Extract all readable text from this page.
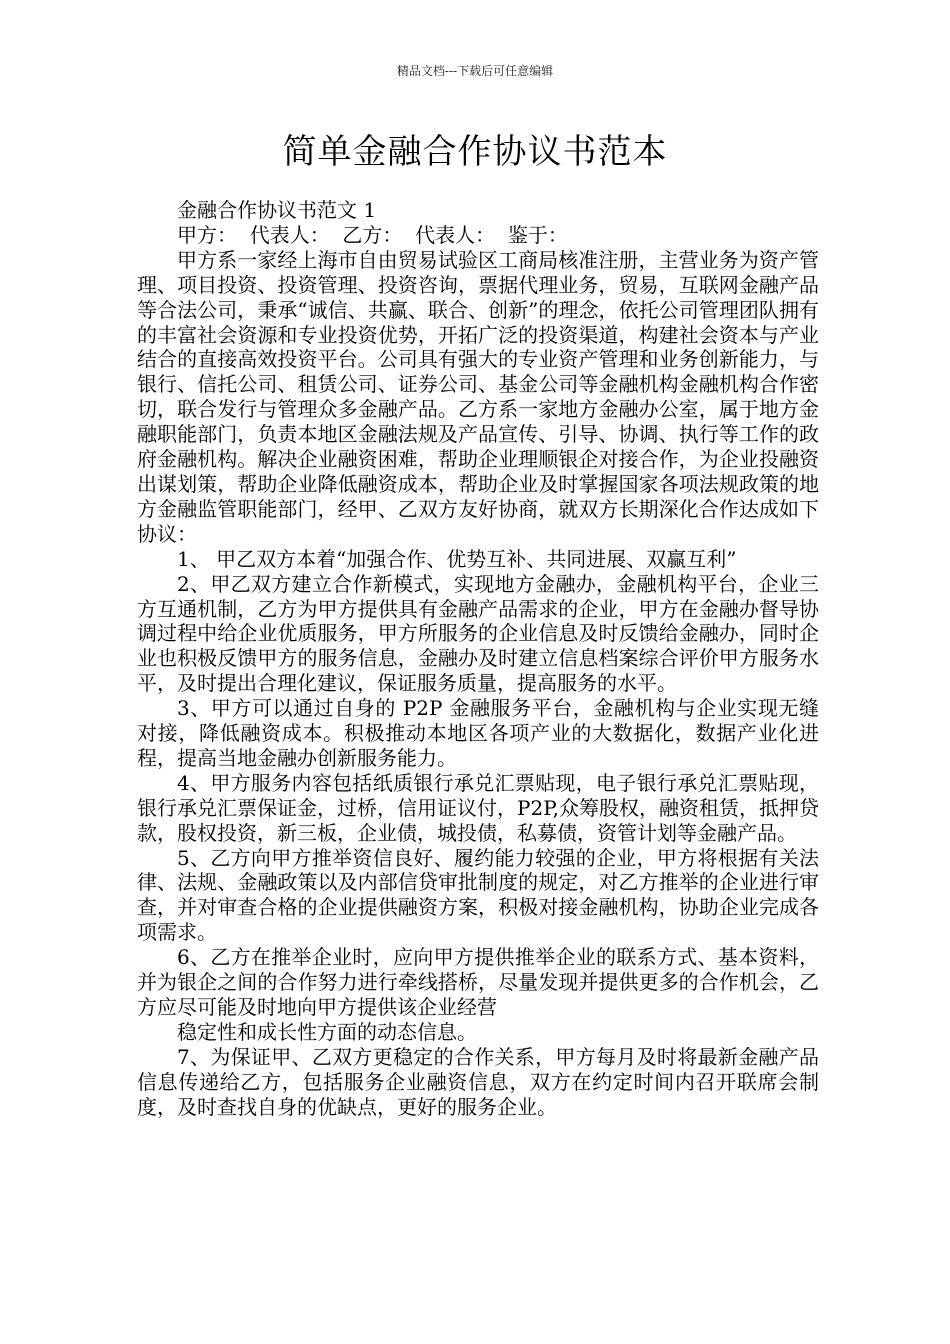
精品文档---下载后可任意编辑
简单金融合作协议书范本

金融合作协议书范文 1

甲方：  代表人：  乙方：  代表人：  鉴于：

甲方系一家经上海市自由贸易试验区工商局核准注册，主营业务为资产管理、项目投资、投资管理、投资咨询，票据代理业务，贸易，互联网金融产品等合法公司，秉承“诚信、共赢、联合、创新”的理念，依托公司管理团队拥有的丰富社会资源和专业投资优势，开拓广泛的投资渠道，构建社会资本与产业结合的直接高效投资平台。公司具有强大的专业资产管理和业务创新能力，与银行、信托公司、租赁公司、证券公司、基金公司等金融机构金融机构合作密切，联合发行与管理众多金融产品。乙方系一家地方金融办公室，属于地方金融职能部门，负责本地区金融法规及产品宣传、引导、协调、执行等工作的政府金融机构。解决企业融资困难，帮助企业理顺银企对接合作，为企业投融资出谋划策，帮助企业降低融资成本，帮助企业及时掌握国家各项法规政策的地方金融监管职能部门，经甲、乙双方友好协商，就双方长期深化合作达成如下协议：

1、 甲乙双方本着“加强合作、优势互补、共同进展、双赢互利”

2、甲乙双方建立合作新模式，实现地方金融办，金融机构平台，企业三方互通机制，乙方为甲方提供具有金融产品需求的企业，甲方在金融办督导协调过程中给企业优质服务，甲方所服务的企业信息及时反馈给金融办，同时企业也积极反馈甲方的服务信息，金融办及时建立信息档案综合评价甲方服务水平，及时提出合理化建议，保证服务质量，提高服务的水平。

3、甲方可以通过自身的 P2P 金融服务平台，金融机构与企业实现无缝对接，降低融资成本。积极推动本地区各项产业的大数据化，数据产业化进程，提高当地金融办创新服务能力。

4、甲方服务内容包括纸质银行承兑汇票贴现，电子银行承兑汇票贴现，银行承兑汇票保证金，过桥，信用证议付，P2P,众筹股权，融资租赁，抵押贷款，股权投资，新三板，企业债，城投债，私募债，资管计划等金融产品。

5、乙方向甲方推举资信良好、履约能力较强的企业，甲方将根据有关法律、法规、金融政策以及内部信贷审批制度的规定，对乙方推举的企业进行审查，并对审查合格的企业提供融资方案，积极对接金融机构，协助企业完成各项需求。

6、乙方在推举企业时，应向甲方提供推举企业的联系方式、基本资料，并为银企之间的合作努力进行牵线搭桥，尽量发现并提供更多的合作机会，乙方应尽可能及时地向甲方提供该企业经营

稳定性和成长性方面的动态信息。

7、为保证甲、乙双方更稳定的合作关系，甲方每月及时将最新金融产品信息传递给乙方，包括服务企业融资信息，双方在约定时间内召开联席会制度，及时查找自身的优缺点，更好的服务企业。
